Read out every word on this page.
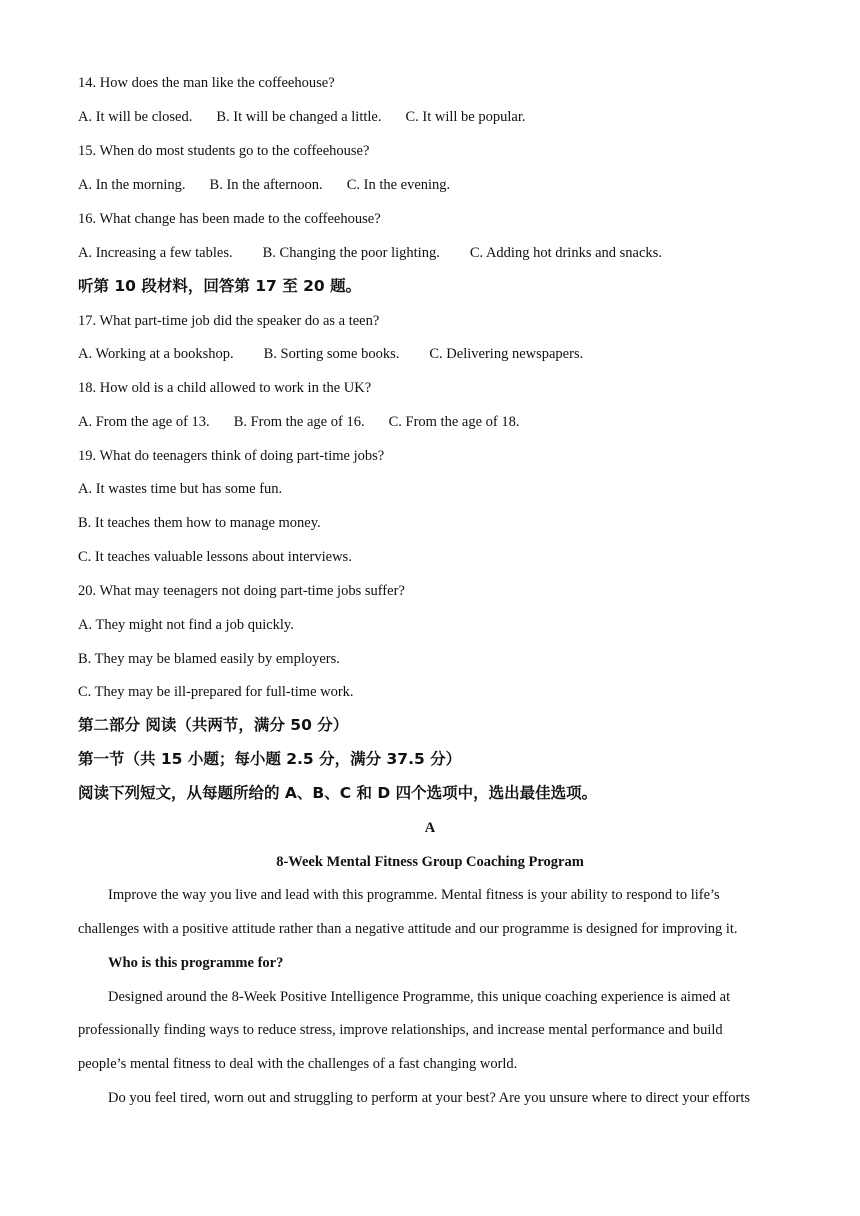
14. How does the man like the coffeehouse?
A. It will be closed. B. It will be changed a little. C. It will be popular.
15. When do most students go to the coffeehouse?
A. In the morning. B. In the afternoon. C. In the evening.
16. What change has been made to the coffeehouse?
A. Increasing a few tables. B. Changing the poor lighting. C. Adding hot drinks and snacks.
听第 10 段材料，回答第 17 至 20 题。
17. What part-time job did the speaker do as a teen?
A. Working at a bookshop. B. Sorting some books. C. Delivering newspapers.
18. How old is a child allowed to work in the UK?
A. From the age of 13. B. From the age of 16. C. From the age of 18.
19. What do teenagers think of doing part-time jobs?
A. It wastes time but has some fun.
B. It teaches them how to manage money.
C. It teaches valuable lessons about interviews.
20. What may teenagers not doing part-time jobs suffer?
A. They might not find a job quickly.
B. They may be blamed easily by employers.
C. They may be ill-prepared for full-time work.
第二部分 阅读（共两节，满分 50 分）
第一节（共 15 小题；每小题 2.5 分，满分 37.5 分）
阅读下列短文，从每题所给的 A、B、C 和 D 四个选项中，选出最佳选项。
A
8-Week Mental Fitness Group Coaching Program
Improve the way you live and lead with this programme. Mental fitness is your ability to respond to life’s
challenges with a positive attitude rather than a negative attitude and our programme is designed for improving it.
Who is this programme for?
Designed around the 8-Week Positive Intelligence Programme, this unique coaching experience is aimed at
professionally finding ways to reduce stress, improve relationships, and increase mental performance and build
people’s mental fitness to deal with the challenges of a fast changing world.
Do you feel tired, worn out and struggling to perform at your best? Are you unsure where to direct your efforts
